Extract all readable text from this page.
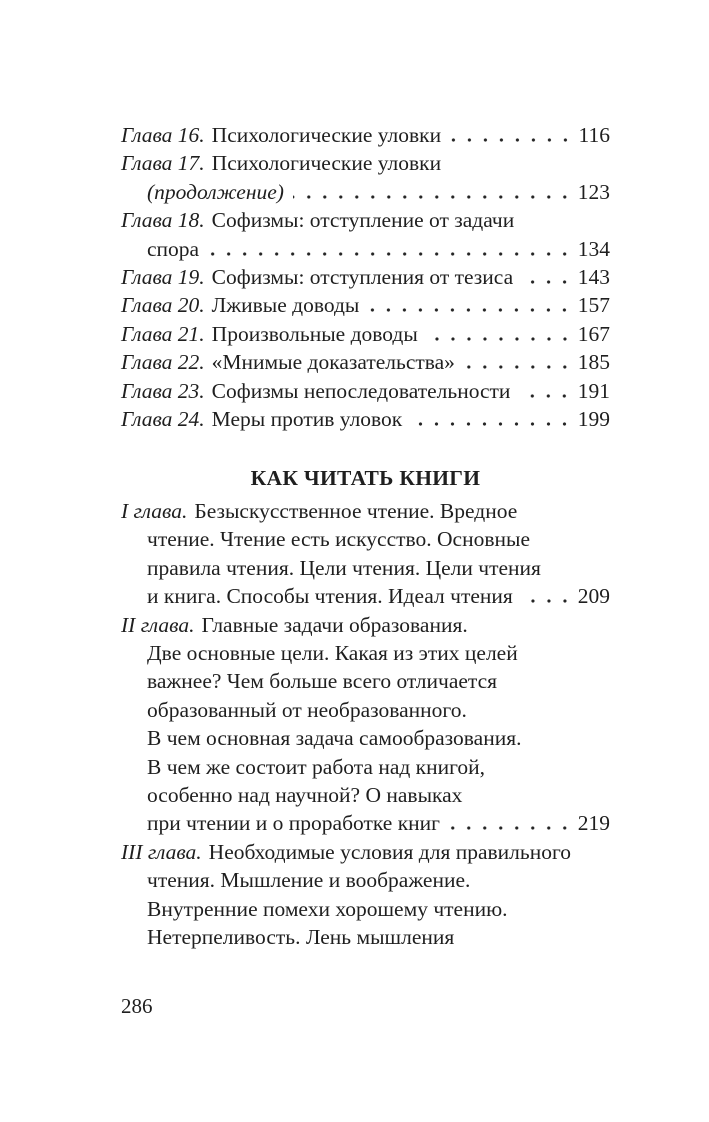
Глава 16. Психологические уловки	116
Глава 17. Психологические уловки
(продолжение)	123
Глава 18. Софизмы: отступление от задачи
спора	134
Глава 19. Софизмы: отступления от тезиса	143
Глава 20. Лживые доводы	157
Глава 21. Произвольные доводы	167
Глава 22. «Мнимые доказательства»	185
Глава 23. Софизмы непоследовательности	191
Глава 24. Меры против уловок	199
КАК ЧИТАТЬ КНИГИ
I глава. Безыскусственное чтение. Вредное
чтение. Чтение есть искусство. Основные
правила чтения. Цели чтения. Цели чтения
и книга. Способы чтения. Идеал чтения	209
II глава. Главные задачи образования.
Две основные цели. Какая из этих целей
важнее? Чем больше всего отличается
образованный от необразованного.
В чем основная задача самообразования.
В чем же состоит работа над книгой,
особенно над научной? О навыках
при чтении и о проработке книг	219
III глава. Необходимые условия для правильного
чтения. Мышление и воображение.
Внутренние помехи хорошему чтению.
Нетерпеливость. Лень мышления
286
